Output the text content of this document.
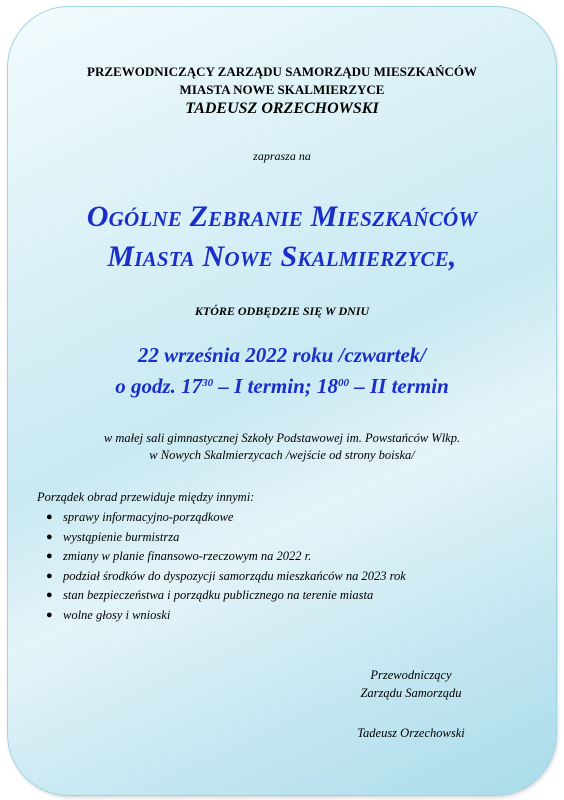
PRZEWODNICZĄCY ZARZĄDU SAMORZĄDU MIESZKAŃCÓW
MIASTA NOWE SKALMIERZYCE
TADEUSZ ORZECHOWSKI
zaprasza na
Ogólne Zebranie Mieszkańców
Miasta Nowe Skalmierzyce,
KTÓRE ODBĘDZIE SIĘ W DNIU
22 września 2022 roku /czwartek/
o godz. $17^{30}$ – I termin; $18^{00}$ – II termin
w małej sali gimnastycznej Szkoły Podstawowej im. Powstańców Wlkp.
w Nowych Skalmierzycach /wejście od strony boiska/
Porządek obrad przewiduje między innymi:
● sprawy informacyjno-porządkowe
● wystąpienie burmistrza
● zmiany w planie finansowo-rzeczowym na 2022 r.
● podział środków do dyspozycji samorządu mieszkańców na 2023 rok
● stan bezpieczeństwa i porządku publicznego na terenie miasta
● wolne głosy i wnioski
Przewodniczący
Zarządu Samorządu
Tadeusz Orzechowski
